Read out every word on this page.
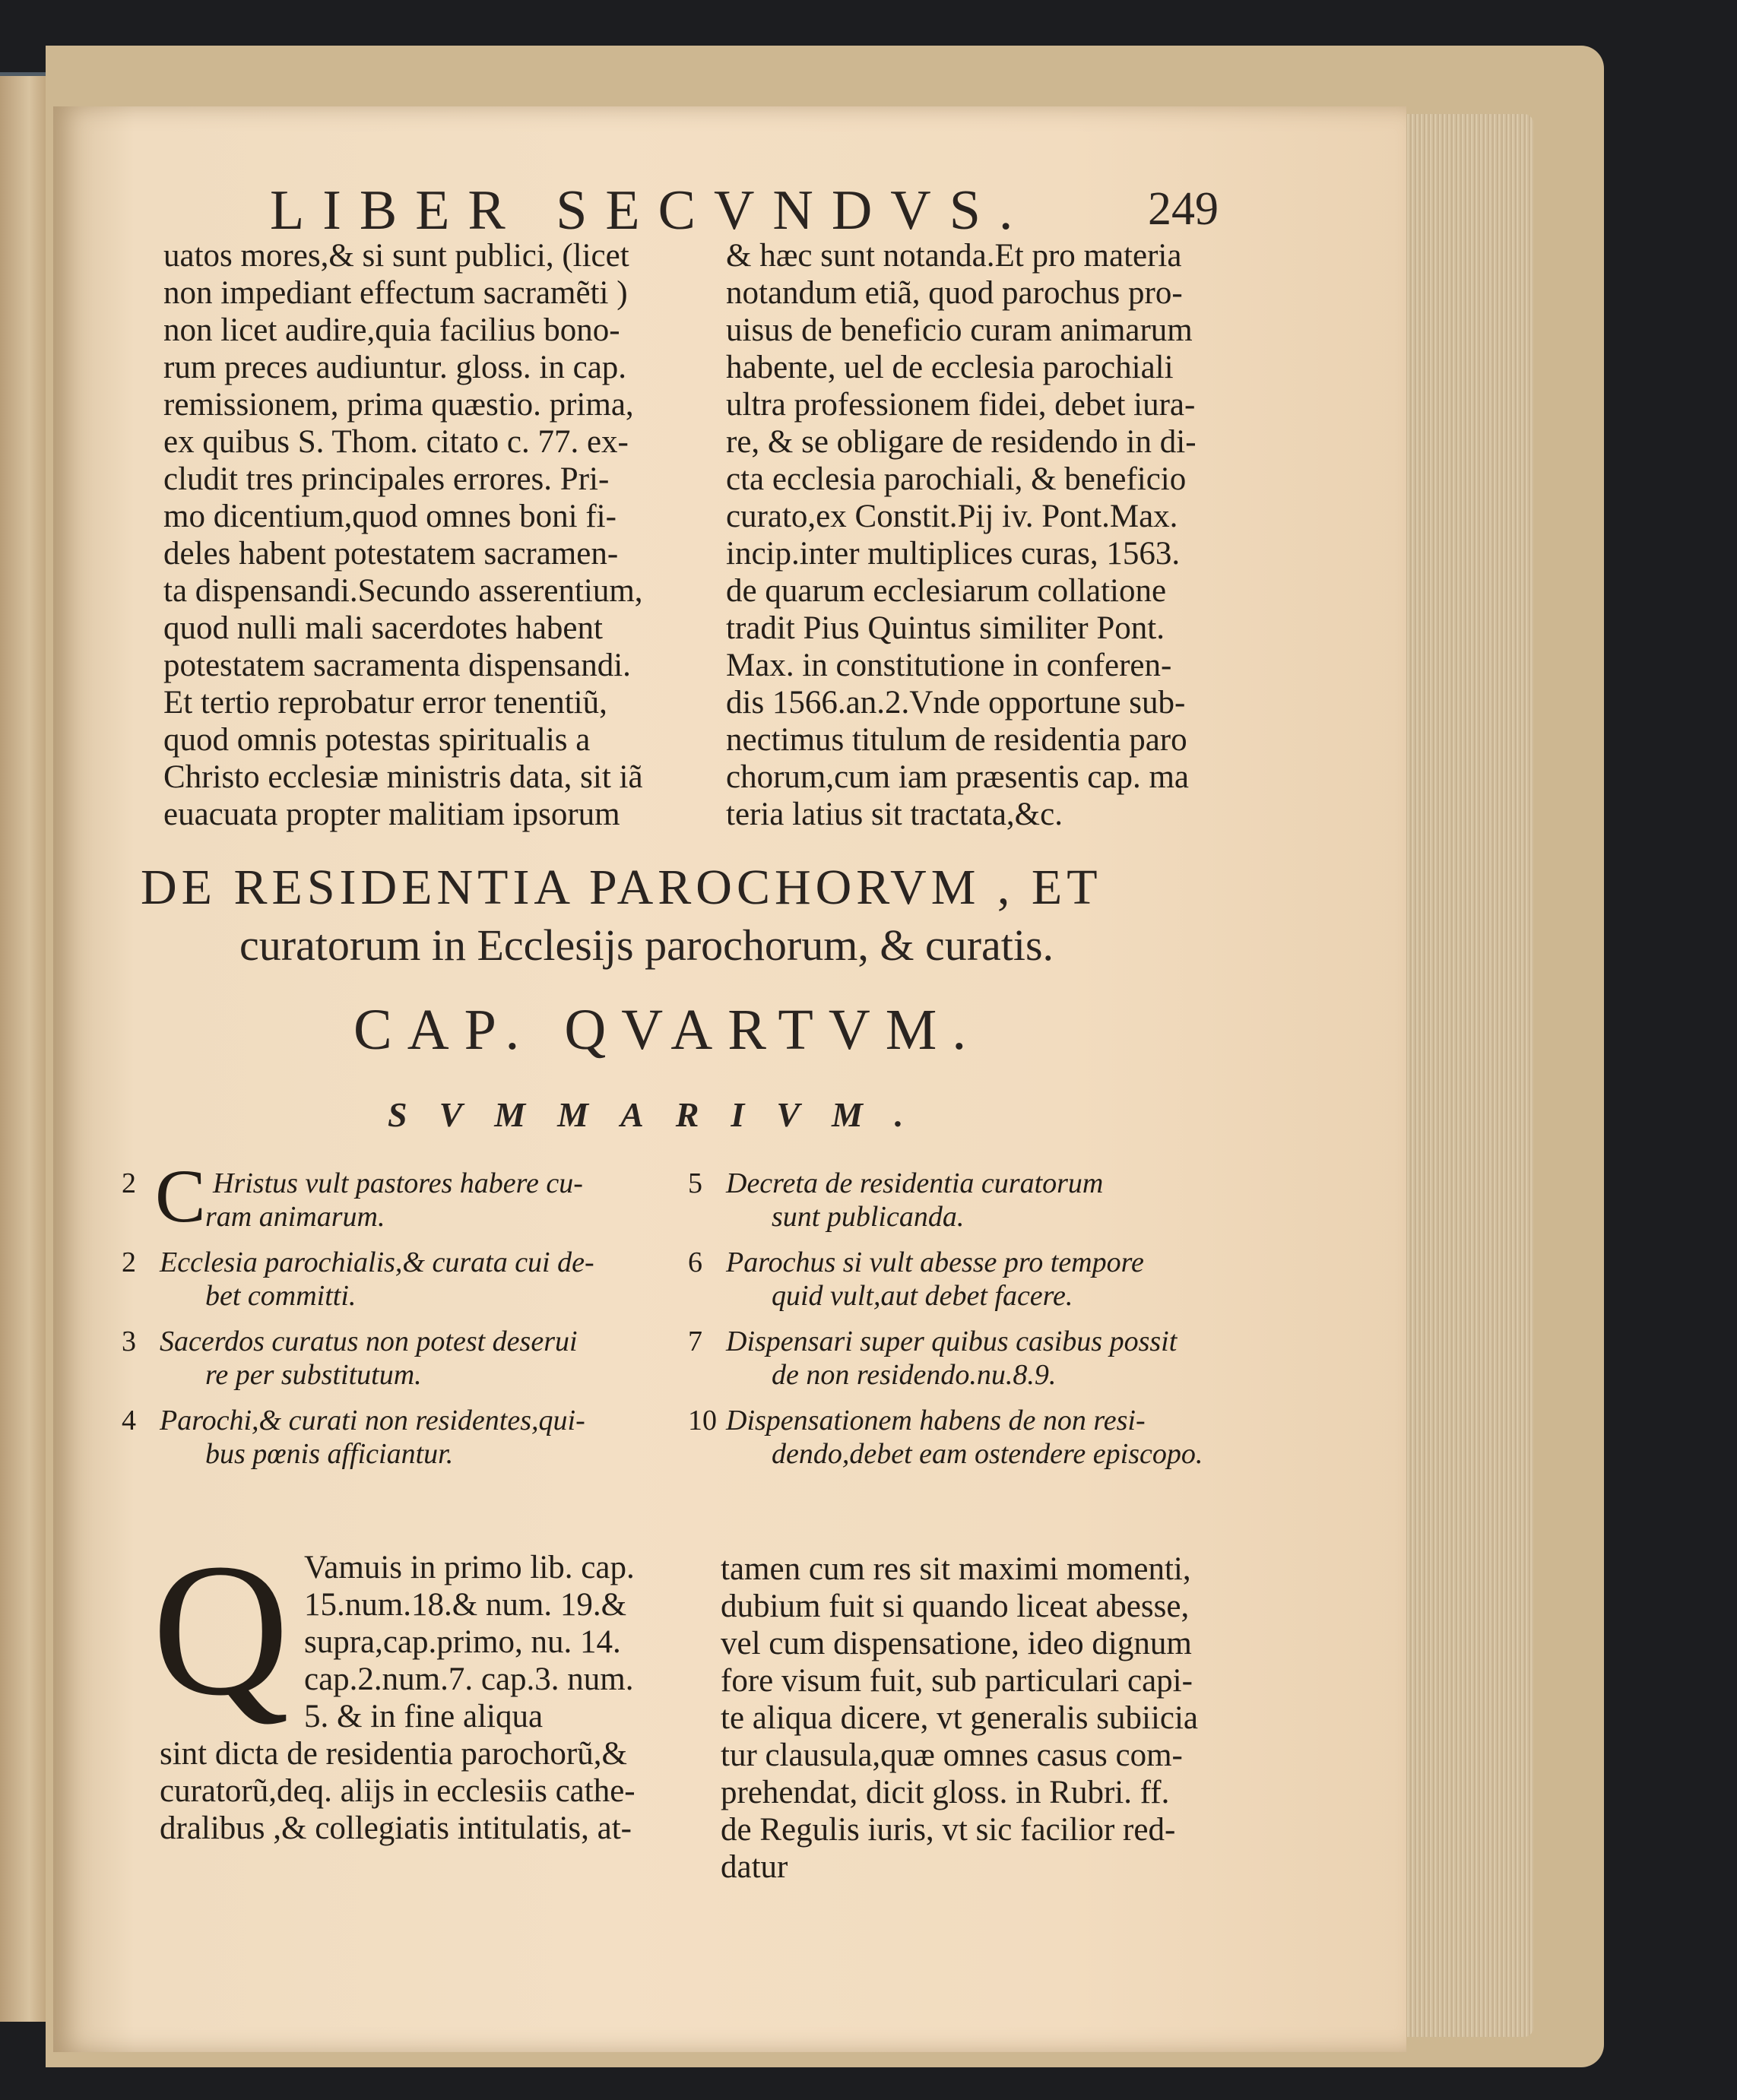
LIBER SECVNDVS. 249
uatos mores,& si sunt publici, (licet
non impediant effectum sacramẽti )
non licet audire,quia facilius bono-
rum preces audiuntur. gloss. in cap.
remissionem, prima quæstio. prima,
ex quibus S. Thom. citato c. 77. ex-
cludit tres principales errores. Pri-
mo dicentium,quod omnes boni fi-
deles habent potestatem sacramen-
ta dispensandi.Secundo asserentium,
quod nulli mali sacerdotes habent
potestatem sacramenta dispensandi.
Et tertio reprobatur error tenentiũ,
quod omnis potestas spiritualis a
Christo ecclesiæ ministris data, sit iã
euacuata propter malitiam ipsorum
& hæc sunt notanda.Et pro materia
notandum etiã, quod parochus pro-
uisus de beneficio curam animarum
habente, uel de ecclesia parochiali
ultra professionem fidei, debet iura-
re, & se obligare de residendo in di-
cta ecclesia parochiali, & beneficio
curato,ex Constit.Pij iv. Pont.Max.
incip.inter multiplices curas, 1563.
de quarum ecclesiarum collatione
tradit Pius Quintus similiter Pont.
Max. in constitutione in conferen-
dis 1566.an.2.Vnde opportune sub-
nectimus titulum de residentia paro
chorum,cum iam præsentis cap. ma
teria latius sit tractata,&c.
DE RESIDENTIA PAROCHORVM , ET
curatorum in Ecclesijs parochorum, & curatis.
CAP. QVARTVM.
SVMMARIVM.
2 C Hristus vult pastores habere cu-
ram animarum.
2 Ecclesia parochialis,& curata cui de-
bet committi.
3 Sacerdos curatus non potest deserui
re per substitutum.
4 Parochi,& curati non residentes,qui-
bus pœnis afficiantur.
5 Decreta de residentia curatorum
sunt publicanda.
6 Parochus si vult abesse pro tempore
quid vult,aut debet facere.
7 Dispensari super quibus casibus possit
de non residendo.nu.8.9.
10 Dispensationem habens de non resi-
dendo,debet eam ostendere episcopo.
Q Vamuis in primo lib. cap.
15.num.18.& num. 19.&
supra,cap.primo, nu. 14.
cap.2.num.7. cap.3. num.
5. & in fine aliqua
sint dicta de residentia parochorũ,&
curatorũ,deq. alijs in ecclesiis cathe-
dralibus ,& collegiatis intitulatis, at-
tamen cum res sit maximi momenti,
dubium fuit si quando liceat abesse,
vel cum dispensatione, ideo dignum
fore visum fuit, sub particulari capi-
te aliqua dicere, vt generalis subiicia
tur clausula,quæ omnes casus com-
prehendat, dicit gloss. in Rubri. ff.
de Regulis iuris, vt sic facilior red-
datur
